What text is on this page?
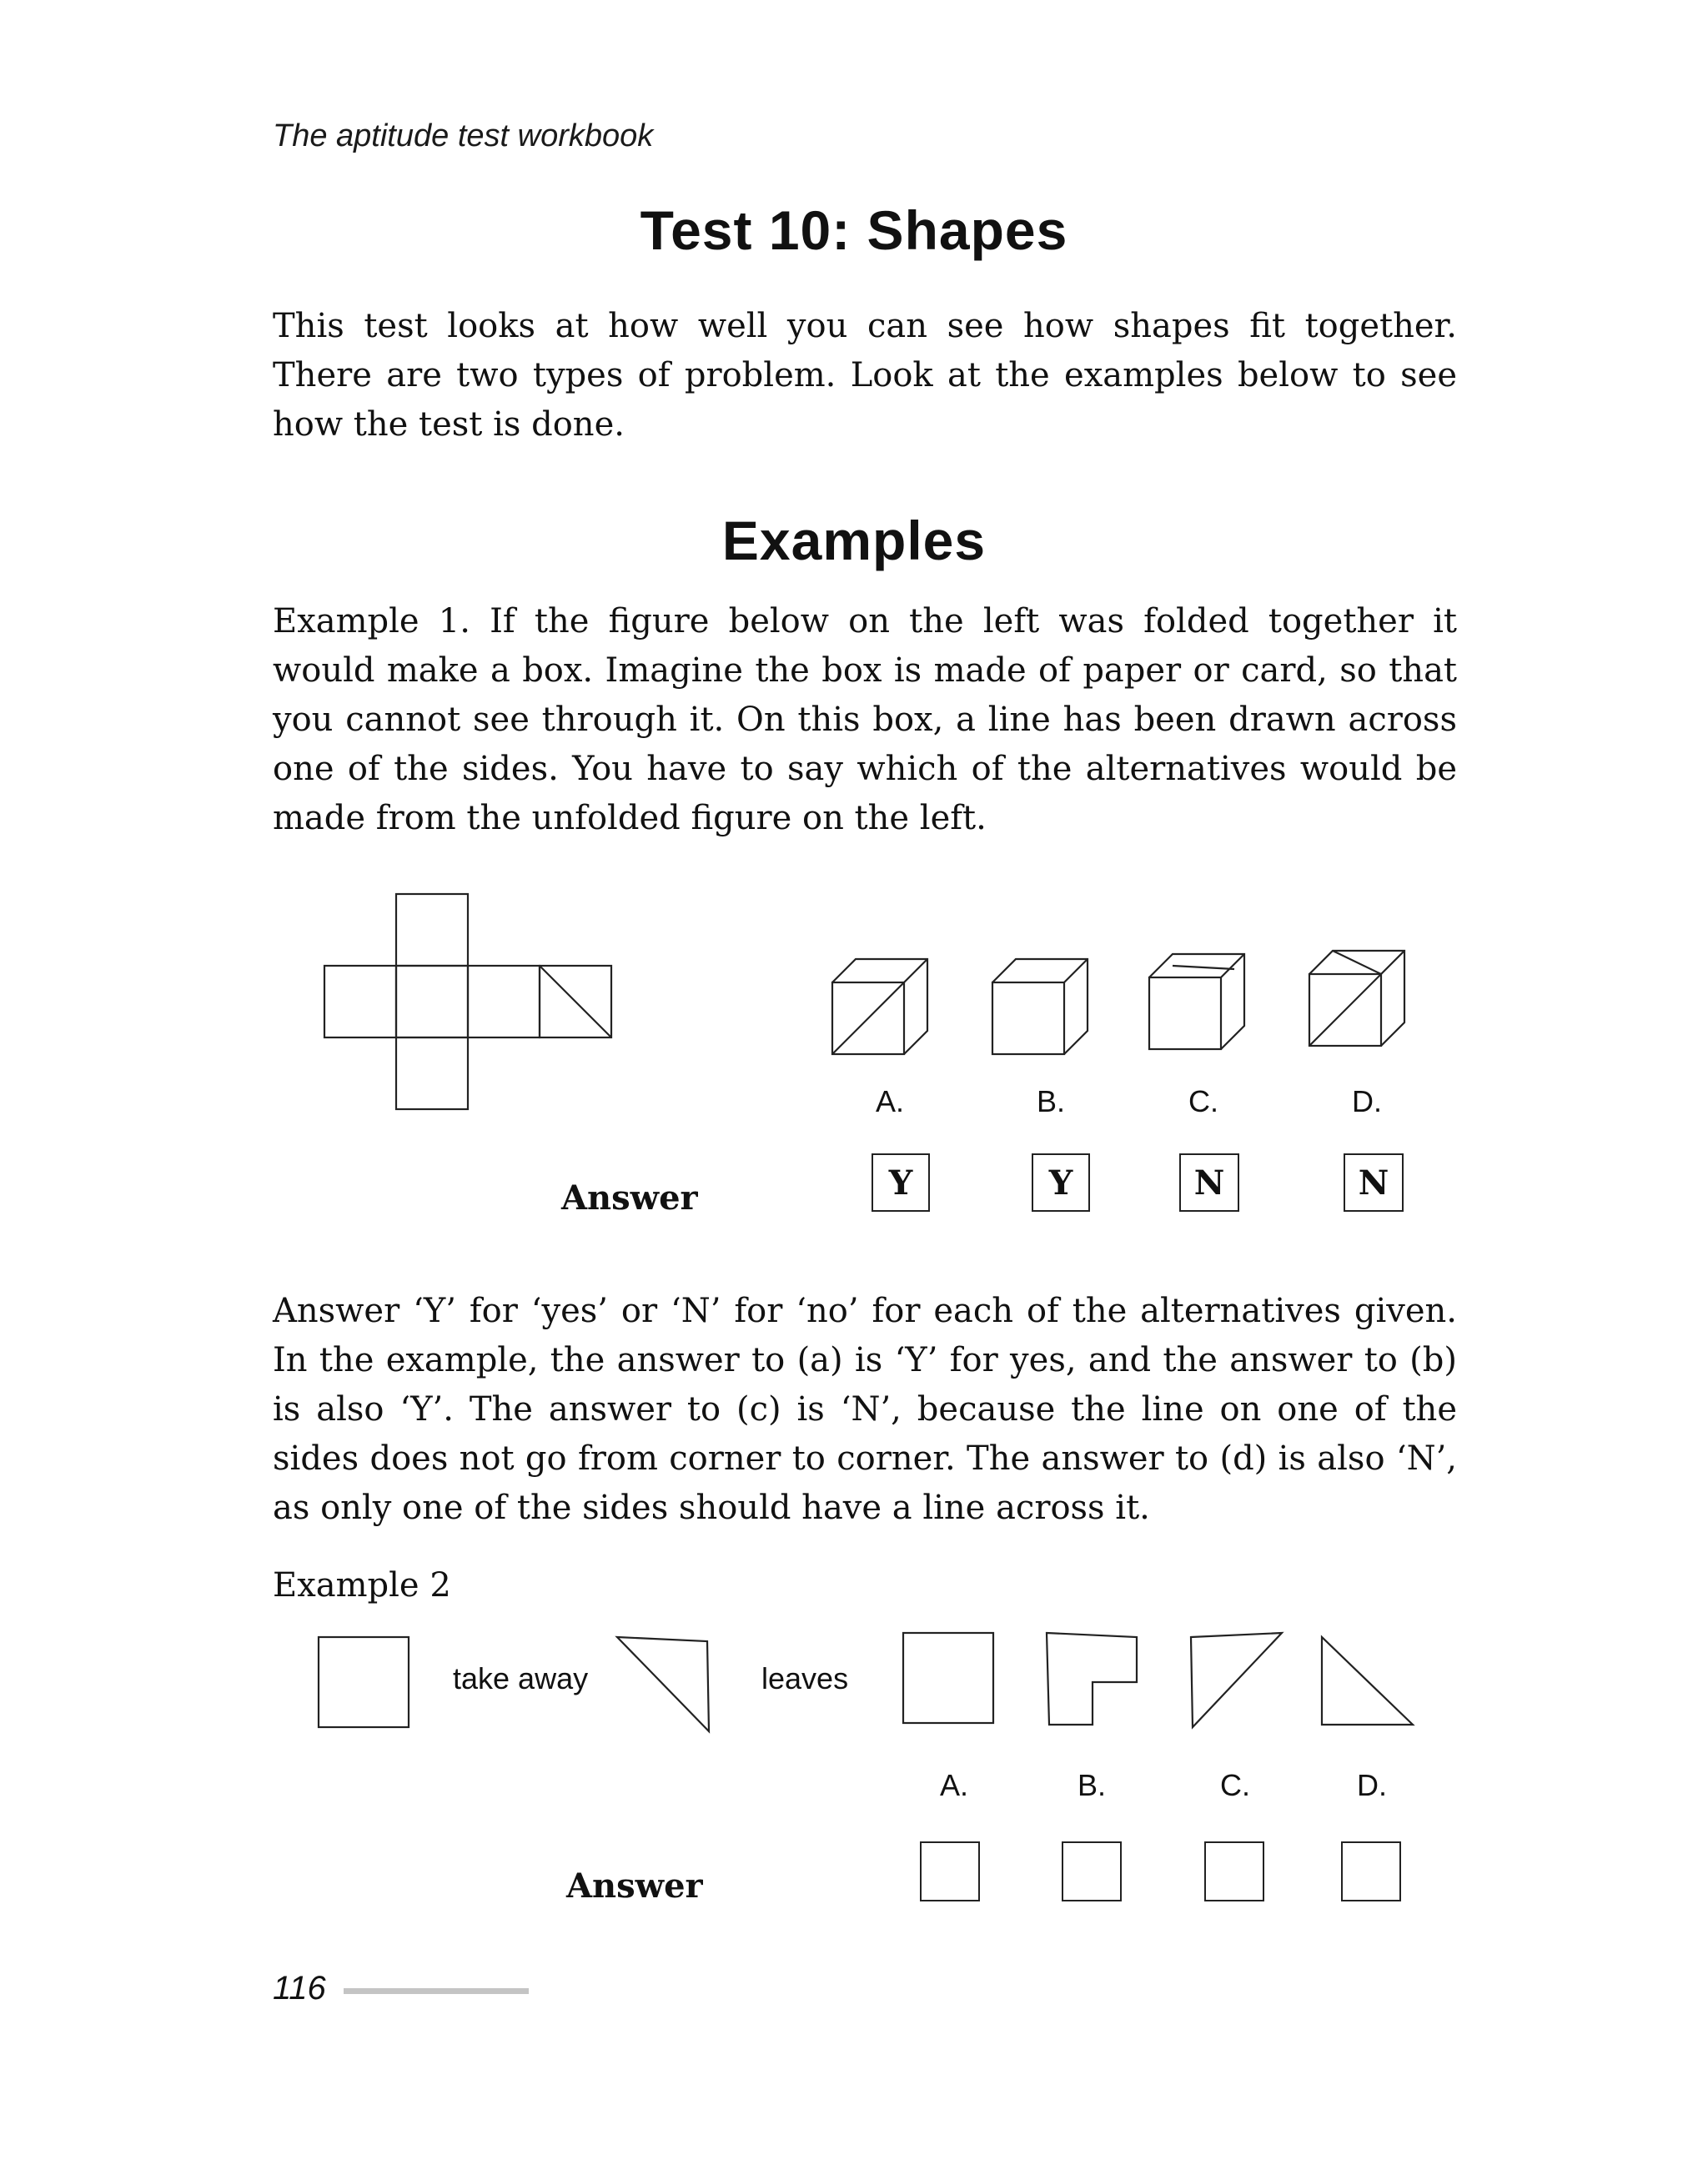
The aptitude test workbook
Test 10: Shapes
This test looks at how well you can see how shapes fit together. There are two types of problem. Look at the examples below to see how the test is done.
Examples
Example 1. If the figure below on the left was folded together it would make a box. Imagine the box is made of paper or card, so that you cannot see through it. On this box, a line has been drawn across one of the sides. You have to say which of the alternatives would be made from the unfolded figure on the left.
A.	B.	C.	D.
Answer	Y	Y	N	N
Answer ‘Y’ for ‘yes’ or ‘N’ for ‘no’ for each of the alternatives given. In the example, the answer to (a) is ‘Y’ for yes, and the answer to (b) is also ‘Y’. The answer to (c) is ‘N’, because the line on one of the sides does not go from corner to corner. The answer to (d) is also ‘N’, as only one of the sides should have a line across it.
Example 2
take away	leaves
A.	B.	C.	D.
Answer
116
